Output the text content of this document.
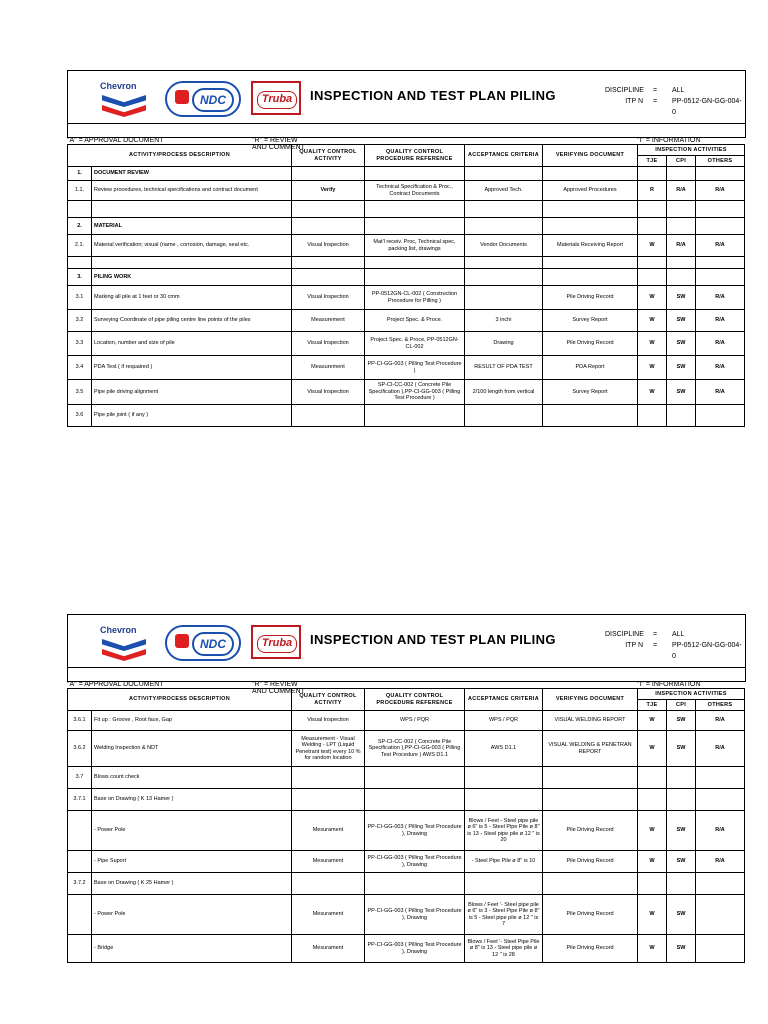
Chevron
NDC	Truba	INSPECTION AND TEST PLAN PILING	DISCIPLINE = ALL
ITP N = PP-0512-GN-GG-004-0
"A" = APPROVAL DOCUMENT	"R" = REVIEW AND COMMENT
"I" = INFORMATION
ACTIVITY/PROCESS DESCRIPTION		QUALITY CONTROL ACTIVITY	QUALITY CONTROL PROCEDURE REFERENCE	ACCEPTANCE CRITERIA	VERIFYING DOCUMENT	INSPECTION ACTIVITIES		
						TJE	CPI	OTHERS
1.	DOCUMENT REVIEW							
1.1.	Review procedures, technical specifications and contract document	Verify	Technical Specification & Proc., Contract Documents	Approved Tech.	Approved Procedures	R	R/A	R/A

2.	MATERIAL							
2.1.	Material verification; visual (name , corrosion, damage, seal etc.	Visual Inspection	Mat'l receiv. Proc, Technical spec, packing list, drawings	Vendor Documents	Materials Receiving Report	W	R/A	R/A

3.	PILING WORK							
3.1	Marking all pile at 1 feet or 30 cmm	Visual Inspection	PP-0512GN-CL-002 ( Construction Procedure for Pilling )		Pile Driving Record	W	SW	R/A
3.2	Surveying Coordinate of pipe piling centre line points of the piles	Measurement	Project Spec. & Proce.	3 inchi	Survey Report	W	SW	R/A
3.3	Location, number and size of pile	Visual Inspection	Project Spec. & Proce, PP-0512GN-CL-002	Drawing	Pile Driving Record	W	SW	R/A
3.4	PDA Test ( if requaired )	Measurement	PP-CI-GG-003 ( Pilling Test Procedure )	RESULT OF PDA TEST	PDA Report	W	SW	R/A
3.5	Pipe pile driving alignment	Visual Inspection	SP-CI-CC-002 ( Concrete Pile Specification ),PP-CI-GG-003 ( Pilling Test Procedure )	2/100 length from vertical	Survey Report	W	SW	R/A
3.6	Pipe pile joint ( if any )							
Chevron
NDC	Truba	INSPECTION AND TEST PLAN PILING	DISCIPLINE = ALL
ITP N = PP-0512-GN-GG-004-0
"A" = APPROVAL DOCUMENT	"R" = REVIEW AND COMMENT
"I" = INFORMATION
ACTIVITY/PROCESS DESCRIPTION		QUALITY CONTROL ACTIVITY	QUALITY CONTROL PROCEDURE REFERENCE	ACCEPTANCE CRITERIA	VERIFYING DOCUMENT	INSPECTION ACTIVITIES		
						TJE	CPI	OTHERS
3.6.1	Fit up : Groove , Root face, Gap	Visual Inspection	WPS / PQR	WPS / PQR	VISUAL WELDING REPORT	W	SW	R/A
3.6.2	Welding Inspection & NDT	Measurement - Visual Welding - LPT (Liquid Penetrant test) every 10 % for random location	SP-CI-CC-002 ( Concrete Pile Specification ),PP-CI-GG-003 ( Pilling Test Procedure ) AWS D1.1	AWS D1.1	VISUAL WELDING & PENETRAN REPORT	W	SW	R/A
3.7	Blows count check							
3.7.1	Base on Drawing ( K 13 Hamer )							
	- Power Pole	Mesurament	PP-CI-GG-003 ( Pilling Test Procedure ), Drawing	Blows / Feet - Steel pipe pile ø 6" is 5 - Steel Pipe Pile ø 8" is 13 - Steel pipe pile ø 12 " is 20	Pile Driving Record	W	SW	R/A
	- Pipe Suport	Mesurament	PP-CI-GG-003 ( Pilling Test Procedure ), Drawing	- Steel Pipe Pile ø 8" is 10	Pile Driving Record	W	SW	R/A
3.7.2	Base on Drawing ( K 25 Hamer )							
	- Power Pole	Mesurament	PP-CI-GG-003 ( Pilling Test Procedure ), Drawing	Blows / Feet '- Steel pipe pile ø 6" is 3 - Steel Pipe Pile ø 8" is 5 - Steel pipe pile ø 12 " is 7	Pile Driving Record	W	SW	
	- Bridge	Mesurament	PP-CI-GG-003 ( Pilling Test Procedure ), Drawing	Blows / Feet '- Steel Pipe Pile ø 8" is 13 - Steel pipe pile ø 12 " is 28	Pile Driving Record	W	SW	
